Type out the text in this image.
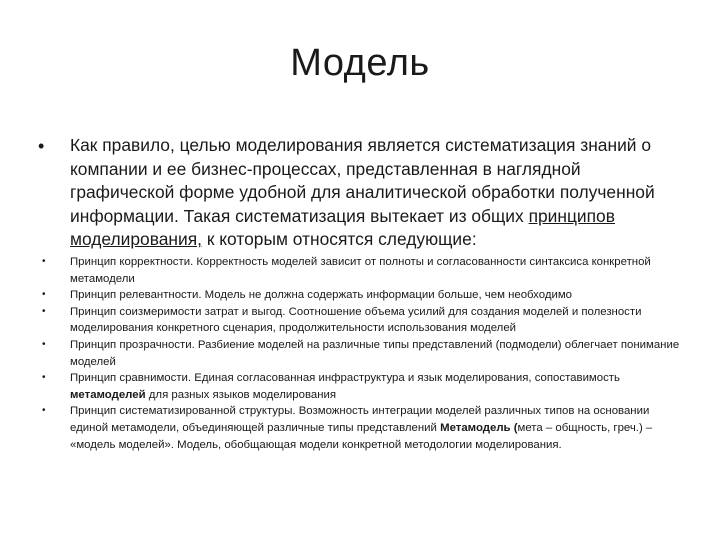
Модель
•	Как правило, целью моделирования является систематизация знаний о компании и ее бизнес-процессах, представленная в наглядной графической форме удобной для аналитической обработки полученной информации. Такая систематизация вытекает из общих принципов моделирования, к которым относятся следующие:
•	Принцип корректности. Корректность моделей зависит от полноты и согласованности синтаксиса конкретной метамодели
•	Принцип релевантности. Модель не должна содержать информации больше, чем необходимо
•	Принцип соизмеримости затрат и выгод. Соотношение объема усилий для создания моделей и полезности моделирования конкретного сценария, продолжительности использования моделей
•	Принцип прозрачности. Разбиение моделей на различные типы представлений (подмодели) облегчает понимание моделей
•	Принцип сравнимости. Единая согласованная инфраструктура и язык моделирования, сопоставимость метамоделей для разных языков моделирования
•	Принцип систематизированной структуры. Возможность интеграции моделей различных типов на основании единой метамодели, объединяющей различные типы представлений Метамодель (мета – общность, греч.) – «модель моделей». Модель, обобщающая модели конкретной методологии моделирования.
